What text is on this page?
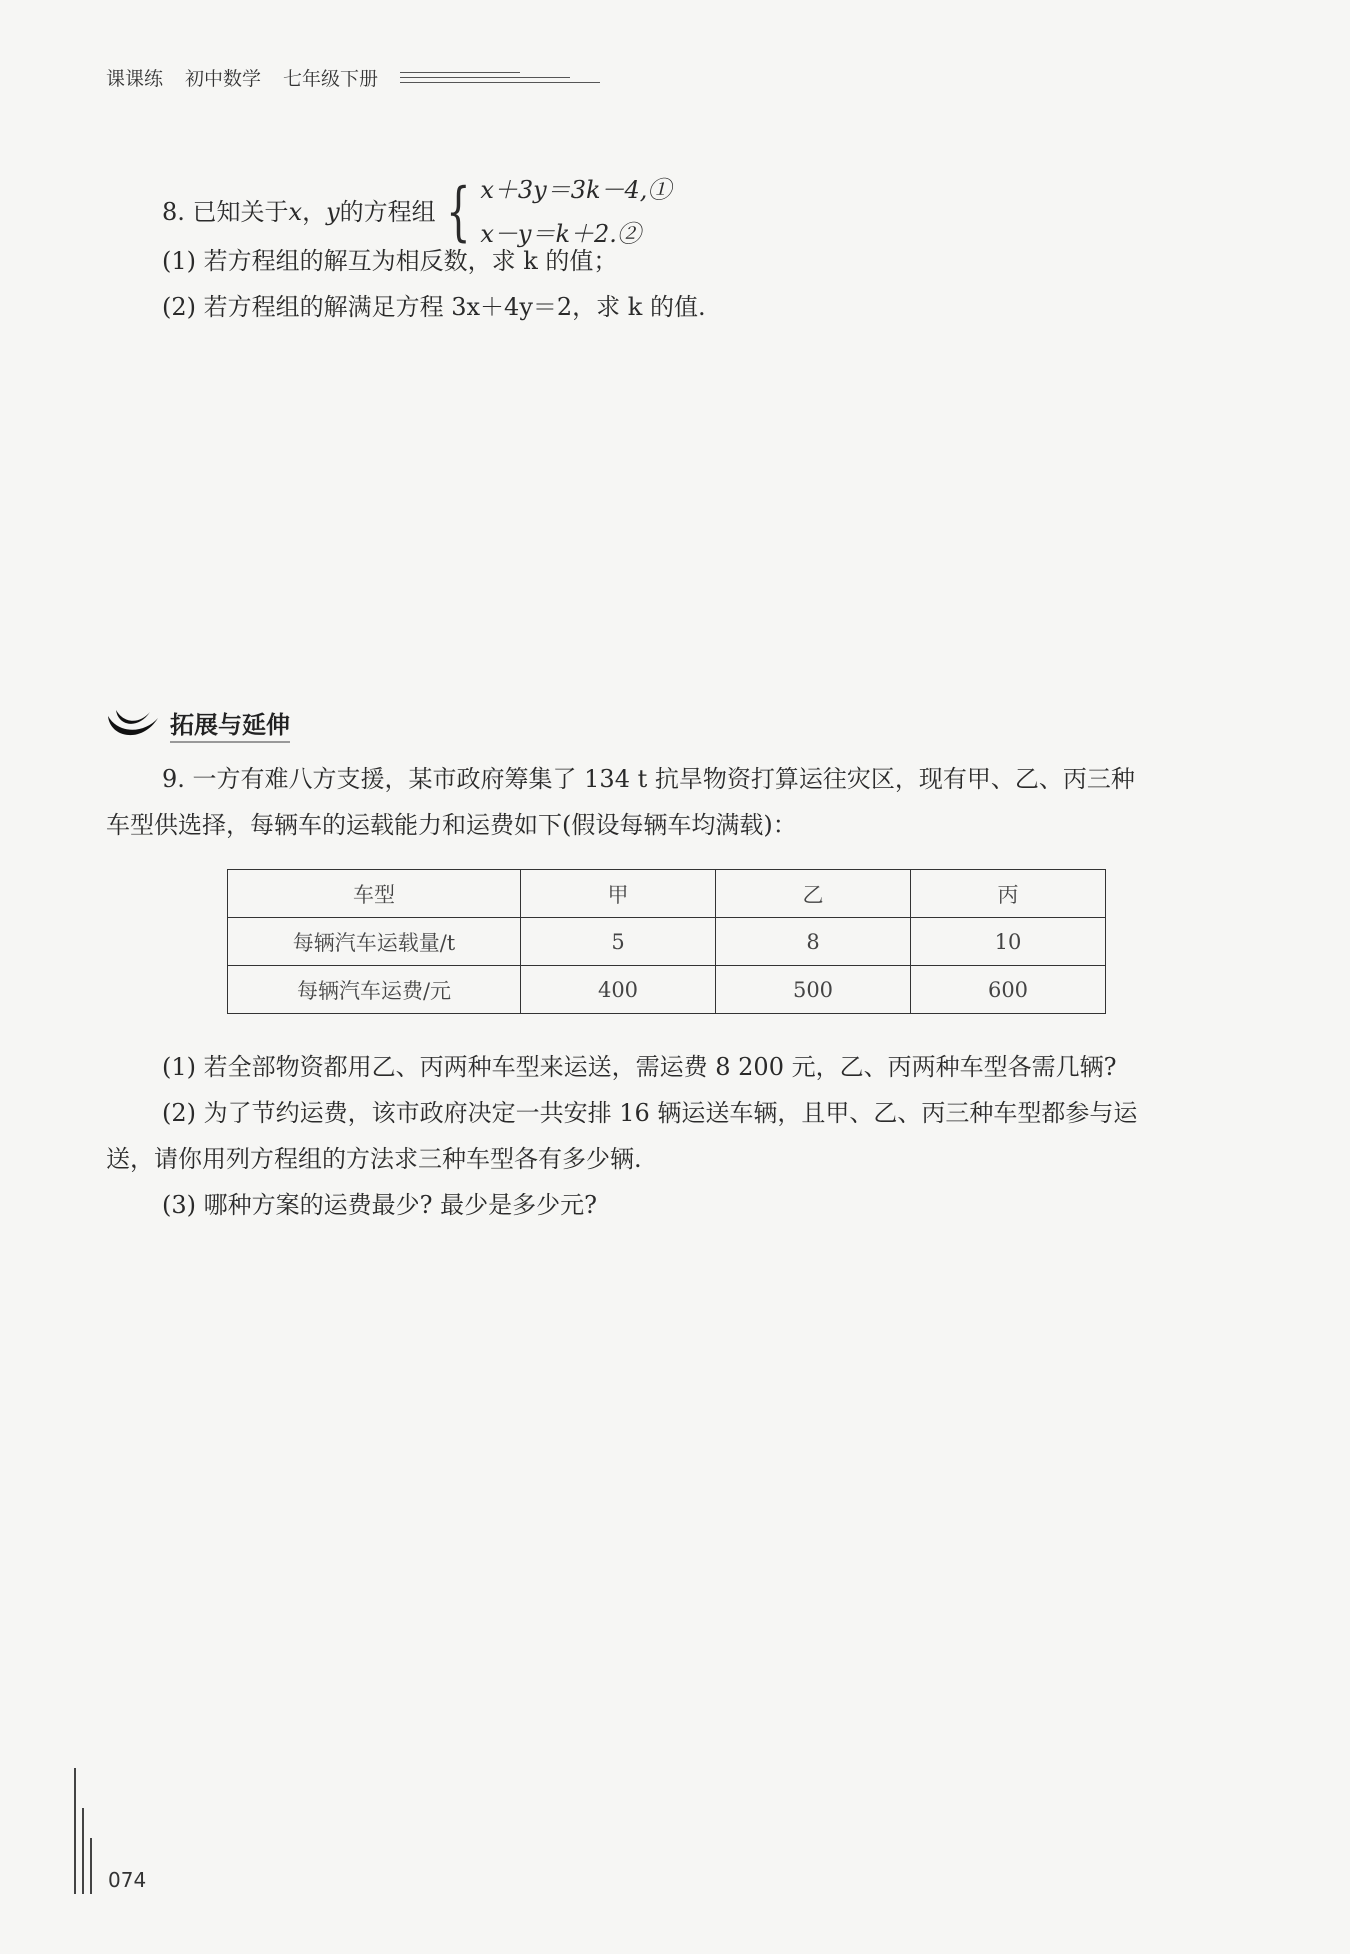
课课练 初中数学 七年级下册
8. 已知关于 x ， y 的方程组 { x＋3y＝3k－4,①
x－y＝k＋2.②
(1) 若方程组的解互为相反数，求 k 的值；
(2) 若方程组的解满足方程 3x＋4y＝2，求 k 的值.
拓展与延伸
9. 一方有难八方支援，某市政府筹集了 134 t 抗旱物资打算运往灾区，现有甲、乙、丙三种
车型供选择，每辆车的运载能力和运费如下(假设每辆车均满载)：
车型	甲	乙	丙
每辆汽车运载量/t	5	8	10
每辆汽车运费/元	400	500	600
(1) 若全部物资都用乙、丙两种车型来运送，需运费 8 200 元，乙、丙两种车型各需几辆?
(2) 为了节约运费，该市政府决定一共安排 16 辆运送车辆，且甲、乙、丙三种车型都参与运
送，请你用列方程组的方法求三种车型各有多少辆.
(3) 哪种方案的运费最少? 最少是多少元?
074
